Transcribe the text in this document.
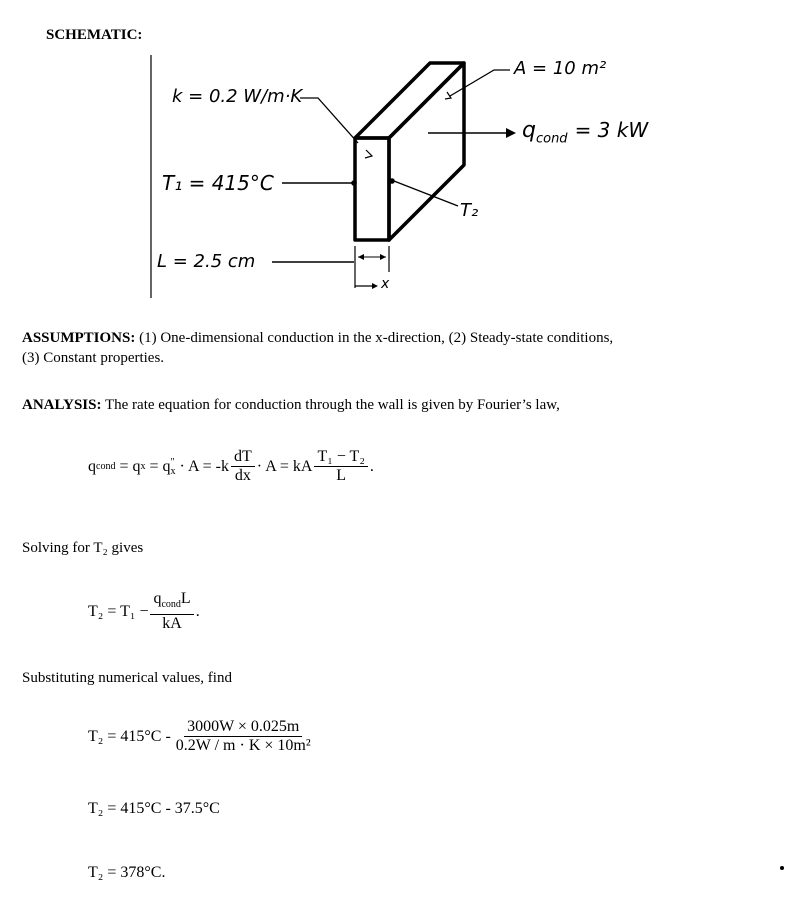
SCHEMATIC:
k = 0.2 W/m·K
A = 10 m²
$q_{cond} = 3$ kW
T₁ = 415°C
T₂
L = 2.5 cm
x
ASSUMPTIONS: (1) One-dimensional conduction in the x-direction, (2) Steady-state conditions,
(3) Constant properties.
ANALYSIS: The rate equation for conduction through the wall is given by Fourier’s law,
q cond = q x = q ″
$x \cdot A = -k \frac{dT}{dx} \cdot A$ = kA $\frac{\text{T₁ − T₂}}{L}$ .
Solving for T₂ gives
$T_2 = T_1 - \frac{q_{cond}L}{kA}$ .
Substituting numerical values, find
$T_2 = 415^\circ C - \frac{3000W \times 0.025m}{\text{0.2W / m · K × 10m²}}$
T₂ = 415°C - 37.5°C
T₂ = 378°C.
